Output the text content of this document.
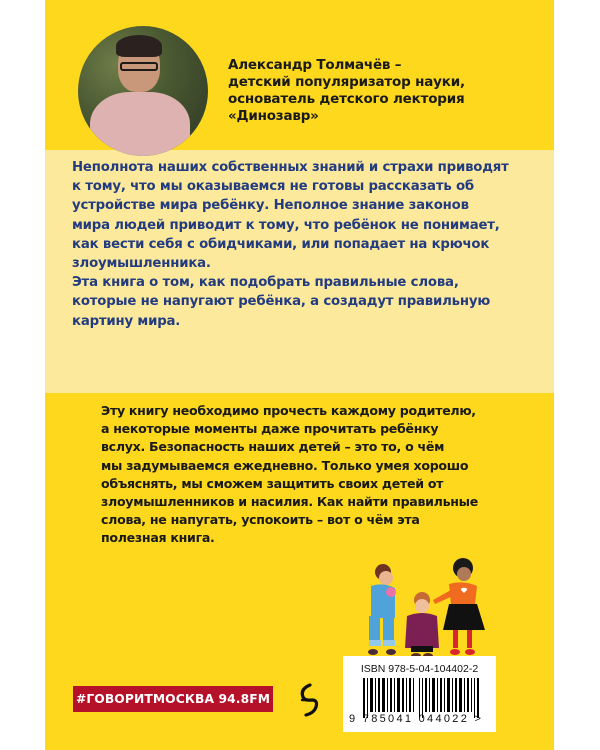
Александр Толмачёв –
детский популяризатор науки,
основатель детского лектория
«Динозавр»
Неполнота наших собственных знаний и страхи приводят
к тому, что мы оказываемся не готовы рассказать об
устройстве мира ребёнку. Неполное знание законов
мира людей приводит к тому, что ребёнок не понимает,
как вести себя с обидчиками, или попадает на крючок
злоумышленника.
Эта книга о том, как подобрать правильные слова,
которые не напугают ребёнка, а создадут правильную
картину мира.
Эту книгу необходимо прочесть каждому родителю,
а некоторые моменты даже прочитать ребёнку
вслух. Безопасность наших детей – это то, о чём
мы задумываемся ежедневно. Только умея хорошо
объяснять, мы сможем защитить своих детей от
злоумышленников и насилия. Как найти правильные
слова, не напугать, успокоить – вот о чём эта
полезная книга.
ISBN 978-5-04-104402-2
9 785041 044022 >
#ГОВОРИТМОСКВА 94.8FM
